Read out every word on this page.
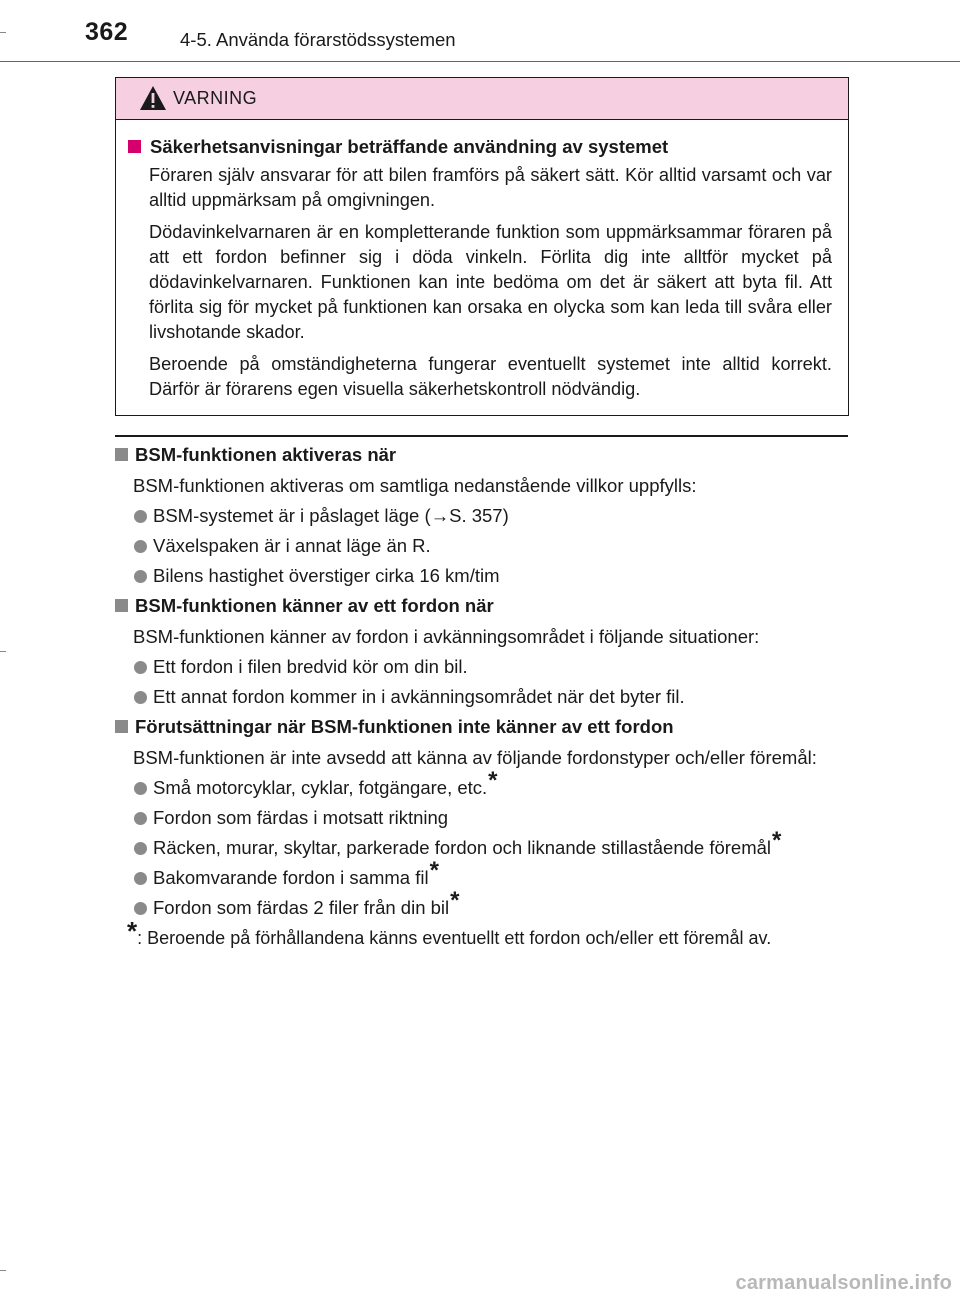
362	4-5. Använda förarstödssystemen
VARNING
Säkerhetsanvisningar beträffande användning av systemet

Föraren själv ansvarar för att bilen framförs på säkert sätt. Kör alltid varsamt och var alltid uppmärksam på omgivningen.

Dödavinkelvarnaren är en kompletterande funktion som uppmärksammar föraren på att ett fordon befinner sig i döda vinkeln. Förlita dig inte alltför mycket på dödavinkelvarnaren. Funktionen kan inte bedöma om det är säkert att byta fil. Att förlita sig för mycket på funktionen kan orsaka en olycka som kan leda till svåra eller livshotande skador.

Beroende på omständigheterna fungerar eventuellt systemet inte alltid korrekt. Därför är förarens egen visuella säkerhetskontroll nödvändig.

BSM-funktionen aktiveras när

BSM-funktionen aktiveras om samtliga nedanstående villkor uppfylls:

BSM-systemet är i påslaget läge (→S. 357)
Växelspaken är i annat läge än R.
Bilens hastighet överstiger cirka 16 km/tim
BSM-funktionen känner av ett fordon när

BSM-funktionen känner av fordon i avkänningsområdet i följande situationer:

Ett fordon i filen bredvid kör om din bil.
Ett annat fordon kommer in i avkänningsområdet när det byter fil.
Förutsättningar när BSM-funktionen inte känner av ett fordon

BSM-funktionen är inte avsedd att känna av följande fordonstyper och/eller föremål:

Små motorcyklar, cyklar, fotgängare, etc.*
Fordon som färdas i motsatt riktning
Räcken, murar, skyltar, parkerade fordon och liknande stillastående föremål*
Bakomvarande fordon i samma fil*
Fordon som färdas 2 filer från din bil*
*: Beroende på förhållandena känns eventuellt ett fordon och/eller ett föremål av.
carmanualsonline.info
